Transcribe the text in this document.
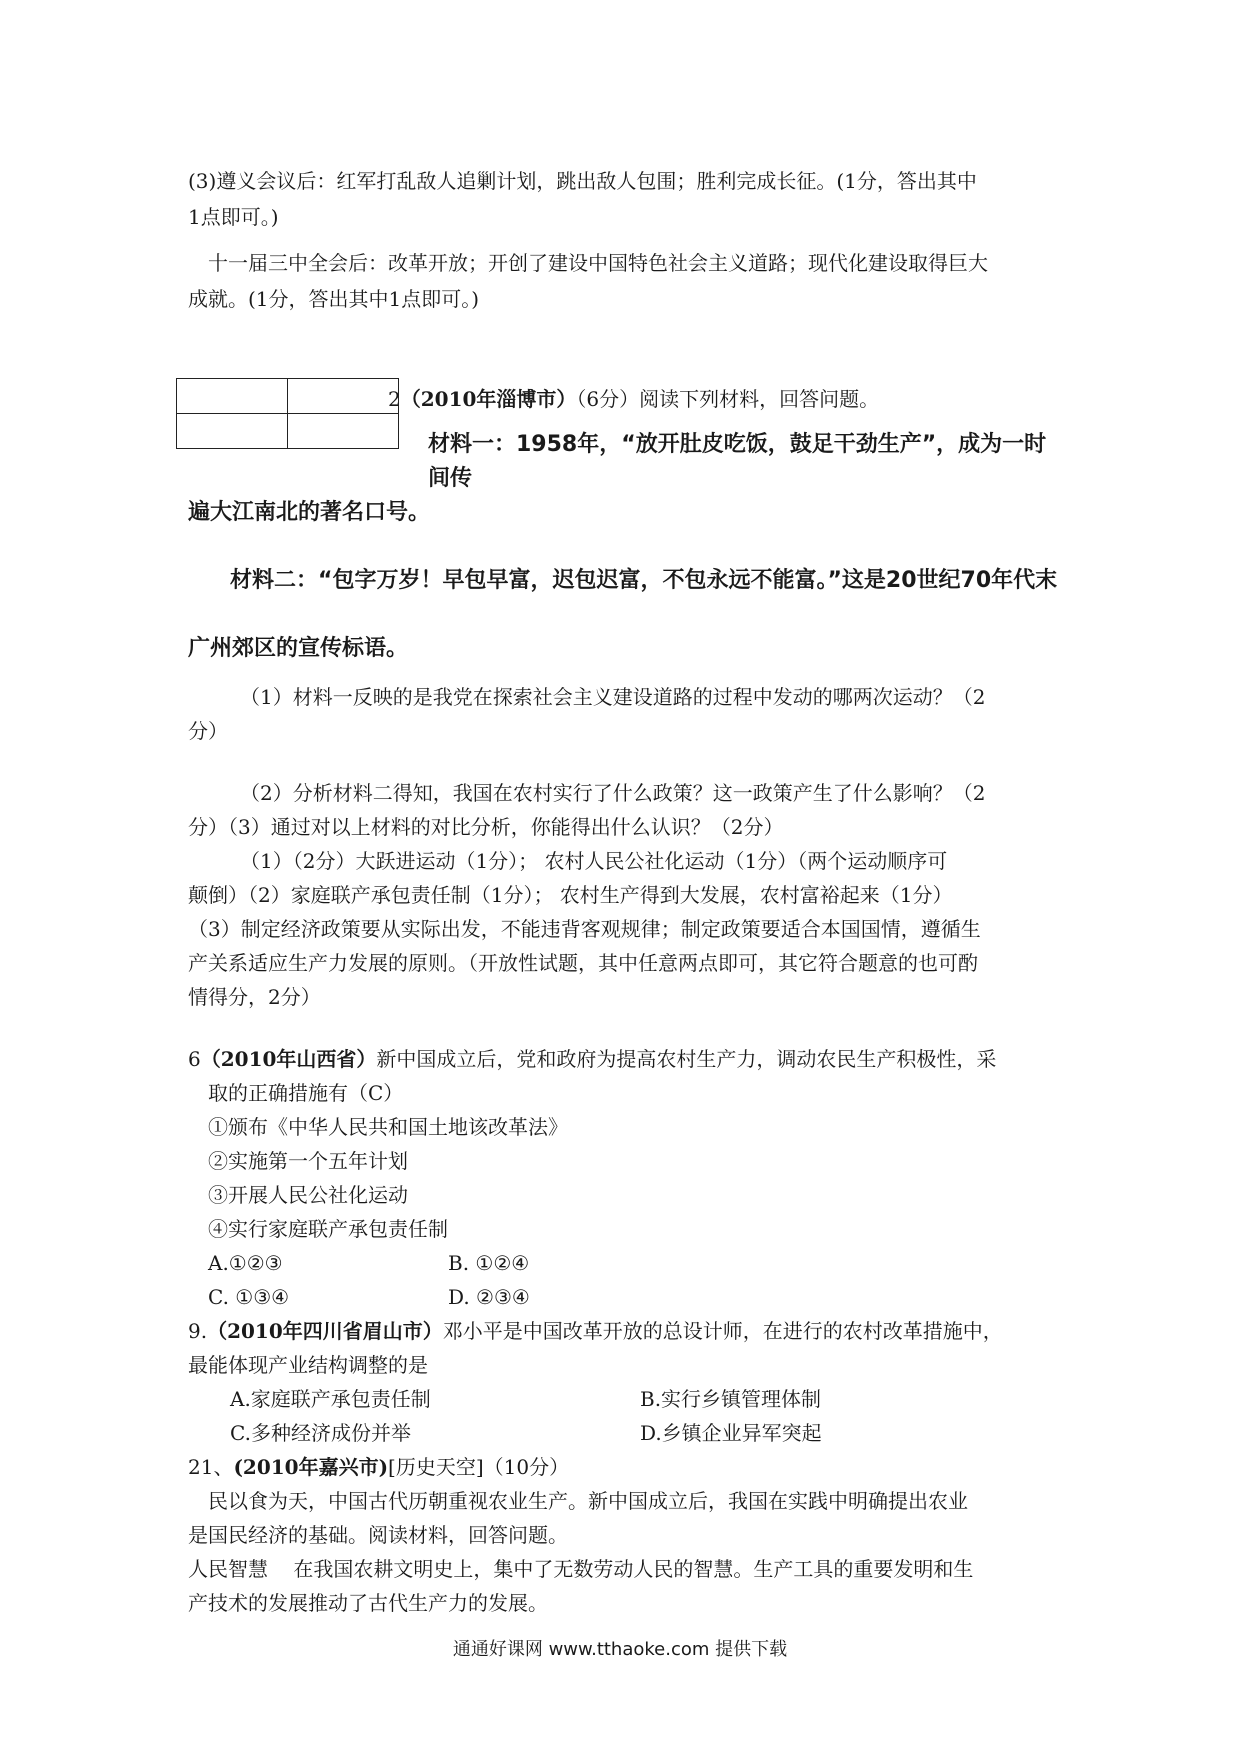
(3)遵义会议后：红军打乱敌人追剿计划，跳出敌人包围；胜利完成长征。(1分，答出其中

1点即可。)

十一届三中全会后：改革开放；开创了建设中国特色社会主义道路；现代化建设取得巨大

成就。(1分，答出其中1点即可。)

2（2010年淄博市）（6分）阅读下列材料，回答问题。

材料一：1958年，“放开肚皮吃饭，鼓足干劲生产”，成为一时间传

遍大江南北的著名口号。

材料二：“包字万岁！早包早富，迟包迟富，不包永远不能富。”这是20世纪70年代末

广州郊区的宣传标语。

（1）材料一反映的是我党在探索社会主义建设道路的过程中发动的哪两次运动？（2

分）

（2）分析材料二得知，我国在农村实行了什么政策？这一政策产生了什么影响？（2

分）（3）通过对以上材料的对比分析，你能得出什么认识？（2分）

（1）（2分）大跃进运动（1分）； 农村人民公社化运动（1分）（两个运动顺序可

颠倒）（2）家庭联产承包责任制（1分）； 农村生产得到大发展，农村富裕起来（1分）

（3）制定经济政策要从实际出发，不能违背客观规律；制定政策要适合本国国情，遵循生

产关系适应生产力发展的原则。（开放性试题，其中任意两点即可，其它符合题意的也可酌

情得分，2分）

6（2010年山西省）新中国成立后，党和政府为提高农村生产力，调动农民生产积极性，采

取的正确措施有（C）

①颁布《中华人民共和国土地该改革法》

②实施第一个五年计划

③开展人民公社化运动

④实行家庭联产承包责任制

A.①②③	B. ①②④

C. ①③④	D. ②③④

9.（2010年四川省眉山市）邓小平是中国改革开放的总设计师，在进行的农村改革措施中，

最能体现产业结构调整的是

A.家庭联产承包责任制	B.实行乡镇管理体制

C.多种经济成份并举	D.乡镇企业异军突起

21、(2010年嘉兴市)[历史天空]（10分）

民以食为天，中国古代历朝重视农业生产。新中国成立后，我国在实践中明确提出农业

是国民经济的基础。阅读材料，回答问题。

人民智慧    在我国农耕文明史上，集中了无数劳动人民的智慧。生产工具的重要发明和生

产技术的发展推动了古代生产力的发展。

通通好课网 www.tthaoke.com 提供下载
